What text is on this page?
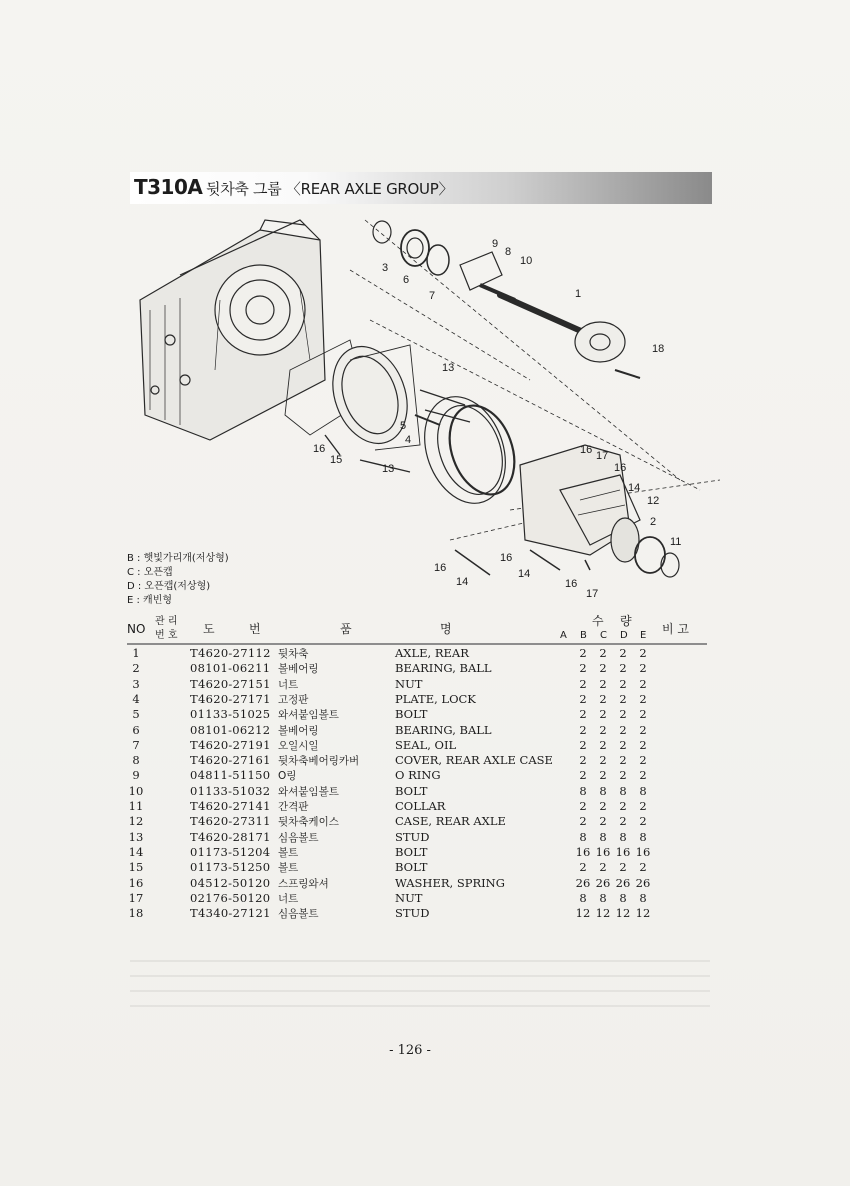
T310A 뒷차축 그룹 〈REAR AXLE GROUP〉
3
6
7
9
8
10
1
18
13
5
4
16
15
13
16 17
16
14
12
2
11
16
14
16
14
16
17
B : 햇빛가리개(저상형)
C : 오픈캡
D : 오픈캡(저상형)
E : 캐빈형
NO
관 리
번 호 도	번	품	명
수 량
A B C D E 비 고
1	T4620-27112 뒷차축	AXLE, REAR	2	2	2	2
2	08101-06211 볼베어링	BEARING, BALL	2	2	2	2
3	T4620-27151 너트	NUT	2	2	2	2
4	T4620-27171 고정판	PLATE, LOCK	2	2	2	2
5	01133-51025 와셔붙임볼트	BOLT	2	2	2	2
6	08101-06212 볼베어링	BEARING, BALL	2	2	2	2
7	T4620-27191 오일시일	SEAL, OIL	2	2	2	2
8	T4620-27161 뒷차축베어링카버	COVER, REAR AXLE CASE	2	2	2	2
9	04811-51150 O링	O RING	2	2	2	2
10	01133-51032 와셔붙임볼트	BOLT	8	8	8	8
11	T4620-27141 간격판	COLLAR	2	2	2	2
12	T4620-27311 뒷차축케이스	CASE, REAR AXLE	2	2	2	2
13	T4620-28171 심음볼트	STUD	8	8	8	8
14	01173-51204 볼트	BOLT	16 16 16 16
15	01173-51250 볼트	BOLT	2	2	2	2
16	04512-50120 스프링와셔	WASHER, SPRING	26 26 26 26
17	02176-50120 너트	NUT	8	8	8	8
18	T4340-27121 심음볼트	STUD	12 12 12 12
- 126 -
